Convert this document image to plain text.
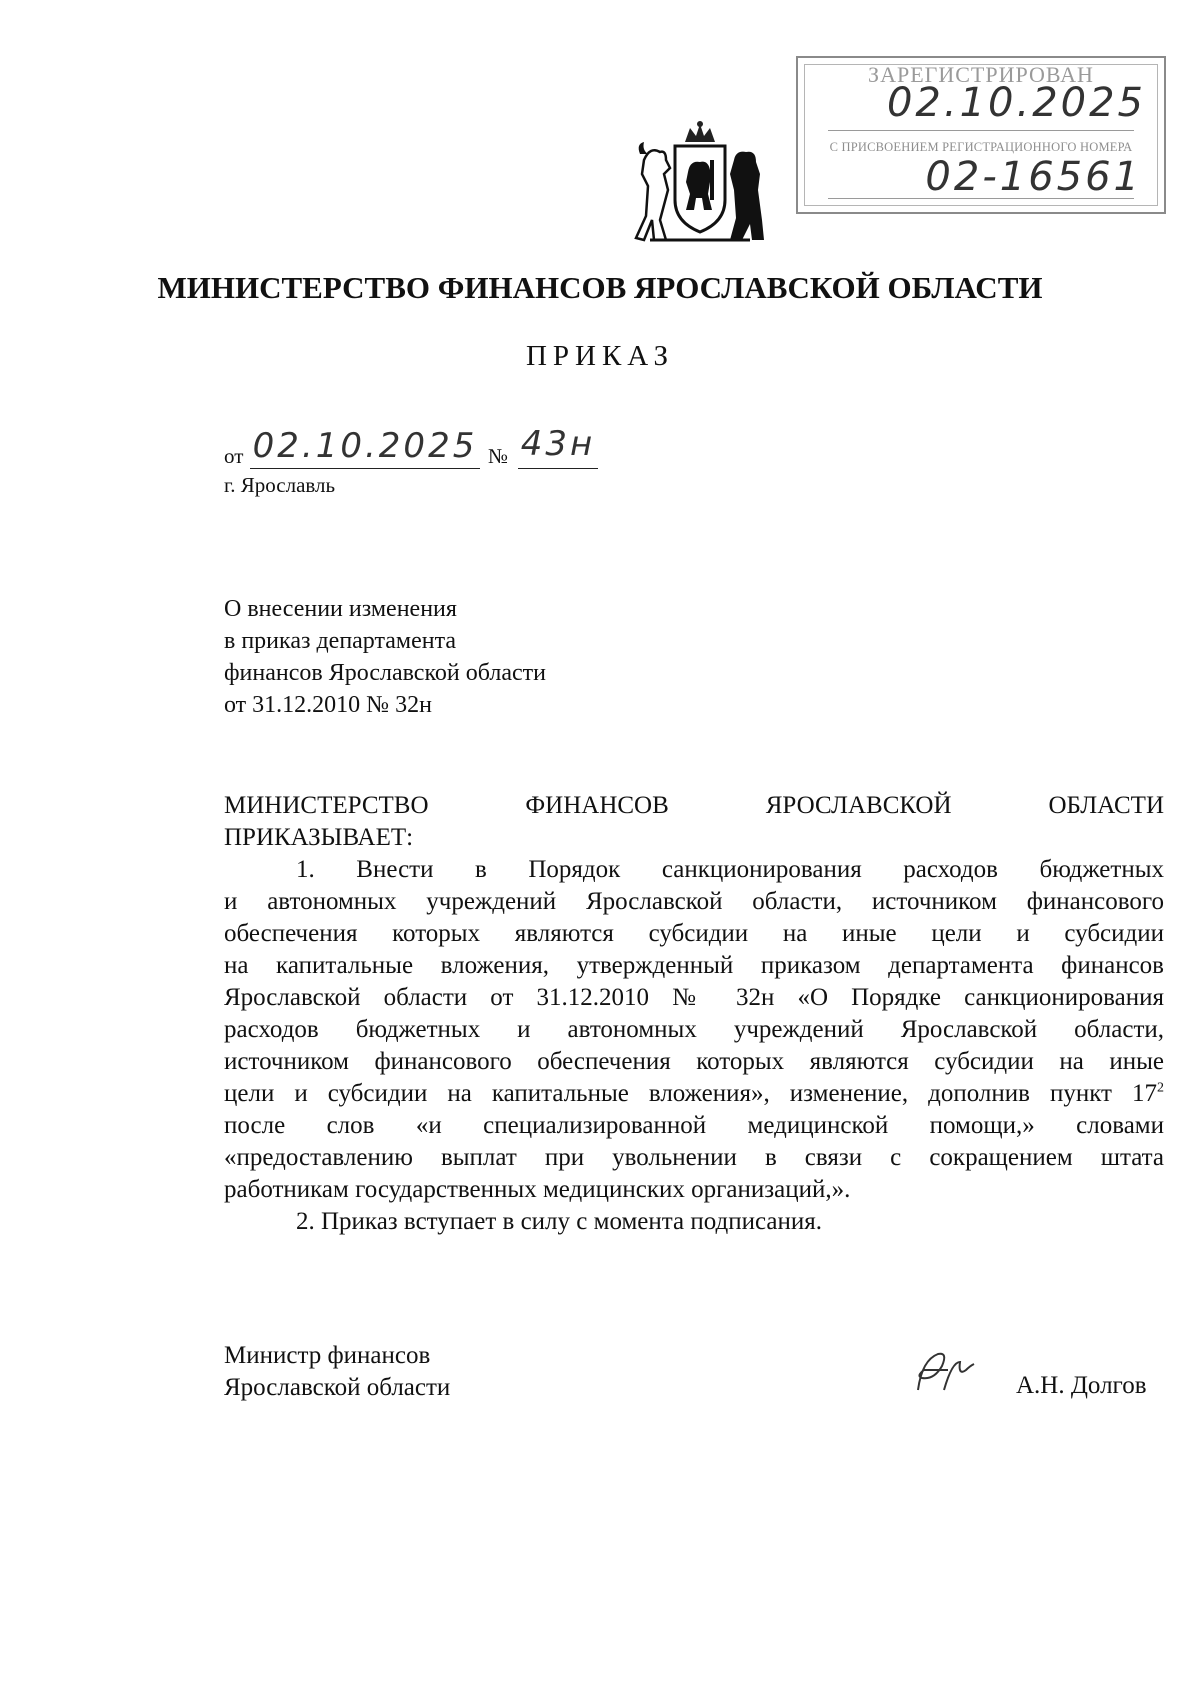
ЗАРЕГИСТРИРОВАН
02.10.2025
С ПРИСВОЕНИЕМ РЕГИСТРАЦИОННОГО НОМЕРА
02-16561
МИНИСТЕРСТВО ФИНАНСОВ ЯРОСЛАВСКОЙ ОБЛАСТИ
ПРИКАЗ
от 02.10.2025 № 43н
г. Ярославль
О внесении изменения
в приказ департамента
финансов Ярославской области
от 31.12.2010 № 32н
МИНИСТЕРСТВО ФИНАНСОВ ЯРОСЛАВСКОЙ ОБЛАСТИ
ПРИКАЗЫВАЕТ:
1. Внести в Порядок санкционирования расходов бюджетных
и автономных учреждений Ярославской области, источником финансового
обеспечения которых являются субсидии на иные цели и субсидии
на капитальные вложения, утвержденный приказом департамента финансов
Ярославской области от 31.12.2010 № 32н «О Порядке санкционирования
расходов бюджетных и автономных учреждений Ярославской области,
источником финансового обеспечения которых являются субсидии на иные
цели и субсидии на капитальные вложения», изменение, дополнив пункт $17^2$
после слов «и специализированной медицинской помощи,» словами
«предоставлению выплат при увольнении в связи с сокращением штата
работникам государственных медицинских организаций,».
2. Приказ вступает в силу с момента подписания.
Министр финансов
Ярославской области	А.Н. Долгов
